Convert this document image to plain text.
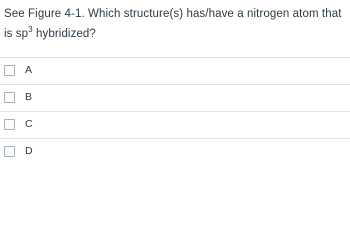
See Figure 4-1. Which structure(s) has/have a nitrogen atom that is $sp^3$ hybridized?
A
B
C
D
